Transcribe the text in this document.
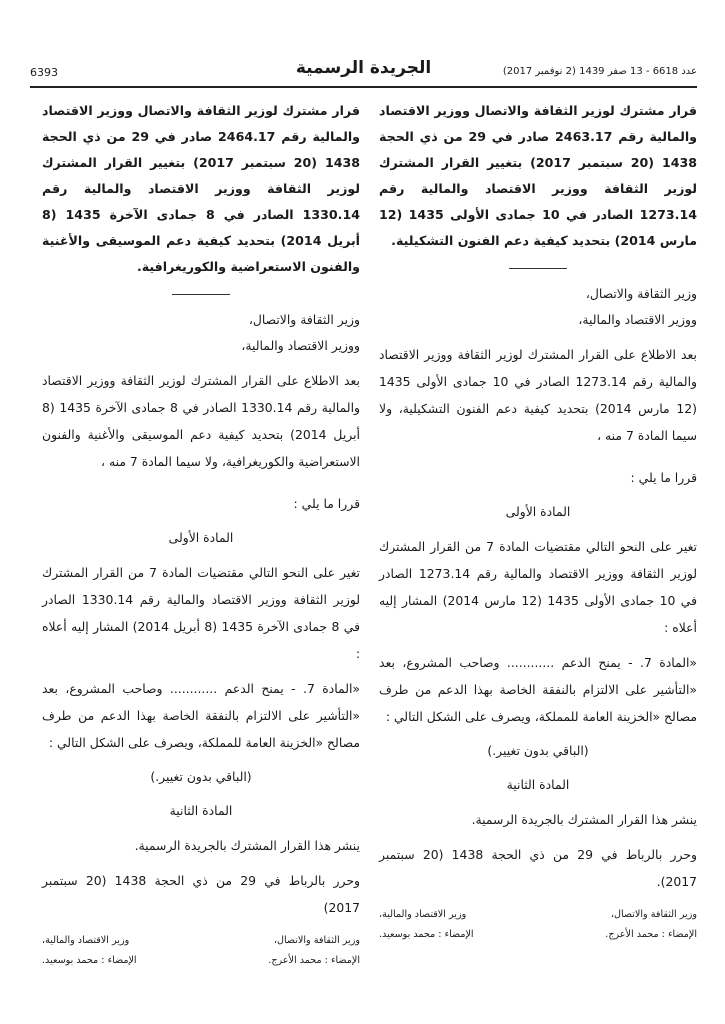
عدد 6618 - 13 صفر 1439 (2 نوفمبر 2017)
الجريدة الرسمية
6393

قرار مشترك لوزير الثقافة والاتصال ووزير الاقتصاد والمالية رقم 2463.17 صادر في 29 من ذي الحجة 1438 (20 سبتمبر 2017) بتغيير القرار المشترك لوزير الثقافة ووزير الاقتصاد والمالية رقم 1273.14 الصادر في 10 جمادى الأولى 1435 (12 مارس 2014) بتحديد كيفية دعم الفنون التشكيلية.

وزير الثقافة والاتصال،

ووزير الاقتصاد والمالية،

بعد الاطلاع على القرار المشترك لوزير الثقافة ووزير الاقتصاد والمالية رقم 1273.14 الصادر في 10 جمادى الأولى 1435 (12 مارس 2014) بتحديد كيفية دعم الفنون التشكيلية، ولا سيما المادة 7 منه ،

قررا ما يلي :

المادة الأولى

تغير على النحو التالي مقتضيات المادة 7 من القرار المشترك لوزير الثقافة ووزير الاقتصاد والمالية رقم 1273.14 الصادر في 10 جمادى الأولى 1435 (12 مارس 2014) المشار إليه أعلاه :

«المادة 7. - يمنح الدعم ............ وصاحب المشروع، بعد «التأشير على الالتزام بالنفقة الخاصة بهذا الدعم من طرف مصالح «الخزينة العامة للمملكة، ويصرف على الشكل التالي :

(الباقي بدون تغيير.)

المادة الثانية

ينشر هذا القرار المشترك بالجريدة الرسمية.

وحرر بالرباط في 29 من ذي الحجة 1438 (20 سبتمبر 2017).

وزير الثقافة والاتصال،
الإمضاء : محمد الأعرج.
وزير الاقتصاد والمالية،
الإمضاء : محمد بوسعيد.

قرار مشترك لوزير الثقافة والاتصال ووزير الاقتصاد والمالية رقم 2464.17 صادر في 29 من ذي الحجة 1438 (20 سبتمبر 2017) بتغيير القرار المشترك لوزير الثقافة ووزير الاقتصاد والمالية رقم 1330.14 الصادر في 8 جمادى الآخرة 1435 (8 أبريل 2014) بتحديد كيفية دعم الموسيقى والأغنية والفنون الاستعراضية والكوريغرافية.

وزير الثقافة والاتصال،

ووزير الاقتصاد والمالية،

بعد الاطلاع على القرار المشترك لوزير الثقافة ووزير الاقتصاد والمالية رقم 1330.14 الصادر في 8 جمادى الآخرة 1435 (8 أبريل 2014) بتحديد كيفية دعم الموسيقى والأغنية والفنون الاستعراضية والكوريغرافية، ولا سيما المادة 7 منه ،

قررا ما يلي :

المادة الأولى

تغير على النحو التالي مقتضيات المادة 7 من القرار المشترك لوزير الثقافة ووزير الاقتصاد والمالية رقم 1330.14 الصادر في 8 جمادى الآخرة 1435 (8 أبريل 2014) المشار إليه أعلاه :

«المادة 7. - يمنح الدعم ............ وصاحب المشروع، بعد «التأشير على الالتزام بالنفقة الخاصة بهذا الدعم من طرف مصالح «الخزينة العامة للمملكة، ويصرف على الشكل التالي :

(الباقي بدون تغيير.)

المادة الثانية

ينشر هذا القرار المشترك بالجريدة الرسمية.

وحرر بالرباط في 29 من ذي الحجة 1438 (20 سبتمبر 2017)

وزير الثقافة والاتصال،
الإمضاء : محمد الأعرج.
وزير الاقتصاد والمالية،
الإمضاء : محمد بوسعيد.
